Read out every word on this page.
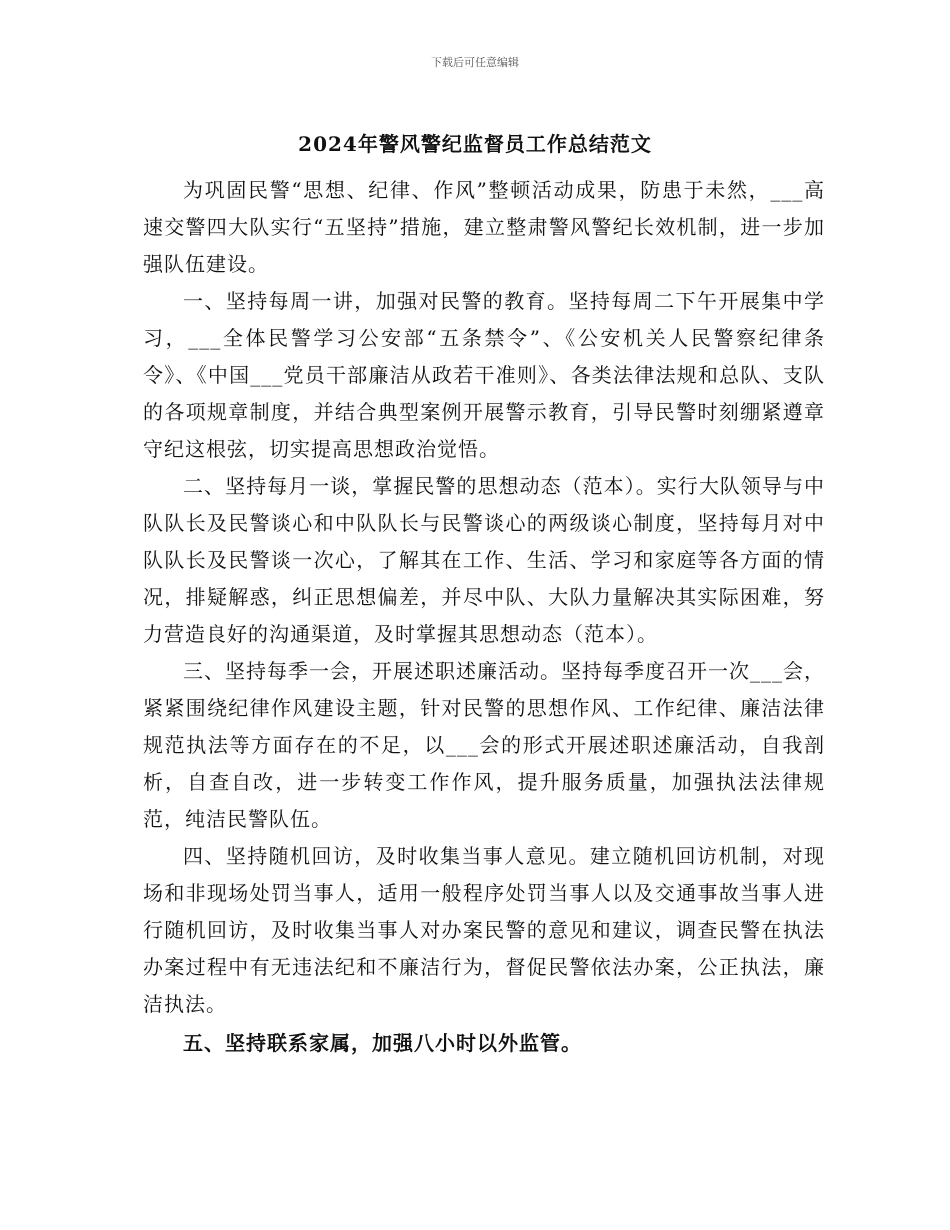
下载后可任意编辑
2024年警风警纪监督员工作总结范文

为巩固民警“思想、纪律、作风”整顿活动成果，防患于未然，___高速交警四大队实行“五坚持”措施，建立整肃警风警纪长效机制，进一步加强队伍建设。

一、坚持每周一讲，加强对民警的教育。坚持每周二下午开展集中学习，___全体民警学习公安部“五条禁令”、《公安机关人民警察纪律条令》、《中国___党员干部廉洁从政若干准则》、各类法律法规和总队、支队的各项规章制度，并结合典型案例开展警示教育，引导民警时刻绷紧遵章守纪这根弦，切实提高思想政治觉悟。

二、坚持每月一谈，掌握民警的思想动态（范本）。实行大队领导与中队队长及民警谈心和中队队长与民警谈心的两级谈心制度，坚持每月对中队队长及民警谈一次心，了解其在工作、生活、学习和家庭等各方面的情况，排疑解惑，纠正思想偏差，并尽中队、大队力量解决其实际困难，努力营造良好的沟通渠道，及时掌握其思想动态（范本）。

三、坚持每季一会，开展述职述廉活动。坚持每季度召开一次___会，紧紧围绕纪律作风建设主题，针对民警的思想作风、工作纪律、廉洁法律规范执法等方面存在的不足，以___会的形式开展述职述廉活动，自我剖析，自查自改，进一步转变工作作风，提升服务质量，加强执法法律规范，纯洁民警队伍。

四、坚持随机回访，及时收集当事人意见。建立随机回访机制，对现场和非现场处罚当事人，适用一般程序处罚当事人以及交通事故当事人进行随机回访，及时收集当事人对办案民警的意见和建议，调查民警在执法办案过程中有无违法纪和不廉洁行为，督促民警依法办案，公正执法，廉洁执法。

五、坚持联系家属，加强八小时以外监管。
